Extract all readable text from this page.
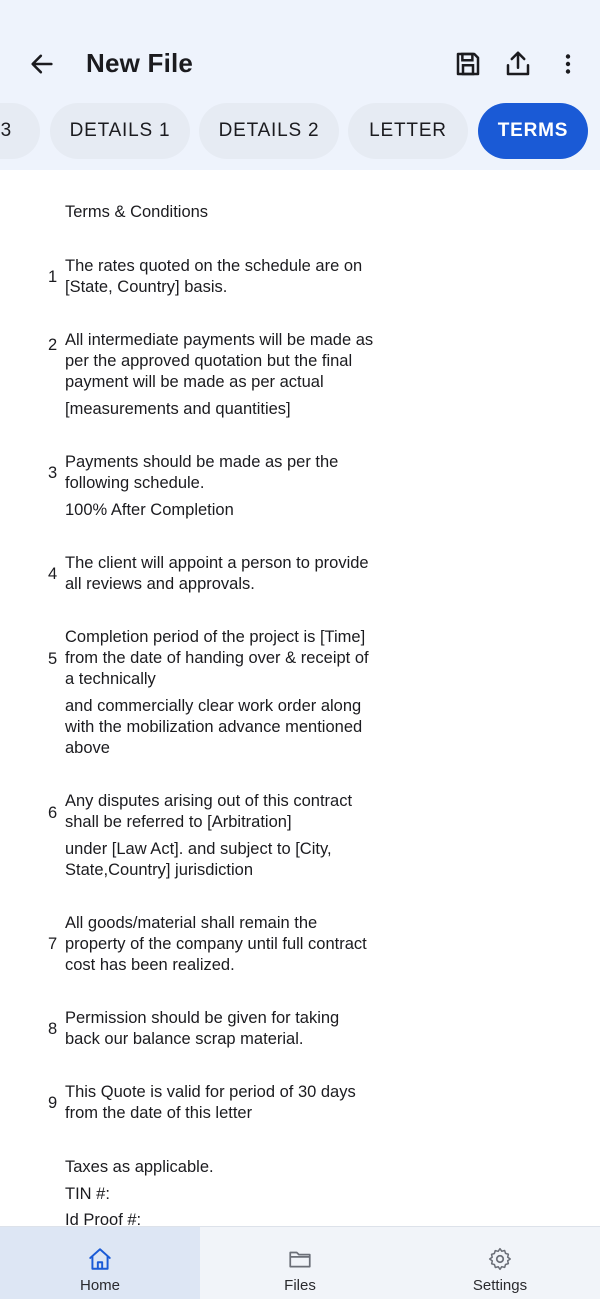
New File
3	DETAILS 1	DETAILS 2	LETTER	TERMS
Terms & Conditions
1
The rates quoted on the schedule are on
[State, Country] basis.
2 All intermediate payments will be made as
per the approved quotation but the final
payment will be made as per actual
[measurements and quantities]
3
Payments should be made as per the
following schedule.
100% After Completion
4
The client will appoint a person to provide
all reviews and approvals.
5
Completion period of the project is [Time]
from the date of handing over & receipt of
a technically
and commercially clear work order along
with the mobilization advance mentioned
above
6
Any disputes arising out of this contract
shall be referred to [Arbitration]
under [Law Act]. and subject to [City,
State,Country] jurisdiction
7
All goods/material shall remain the
property of the company until full contract
cost has been realized.
8
Permission should be given for taking
back our balance scrap material.
9
This Quote is valid for period of 30 days
from the date of this letter
Taxes as applicable.
TIN #:
Id Proof #:
Home	Files	Settings
